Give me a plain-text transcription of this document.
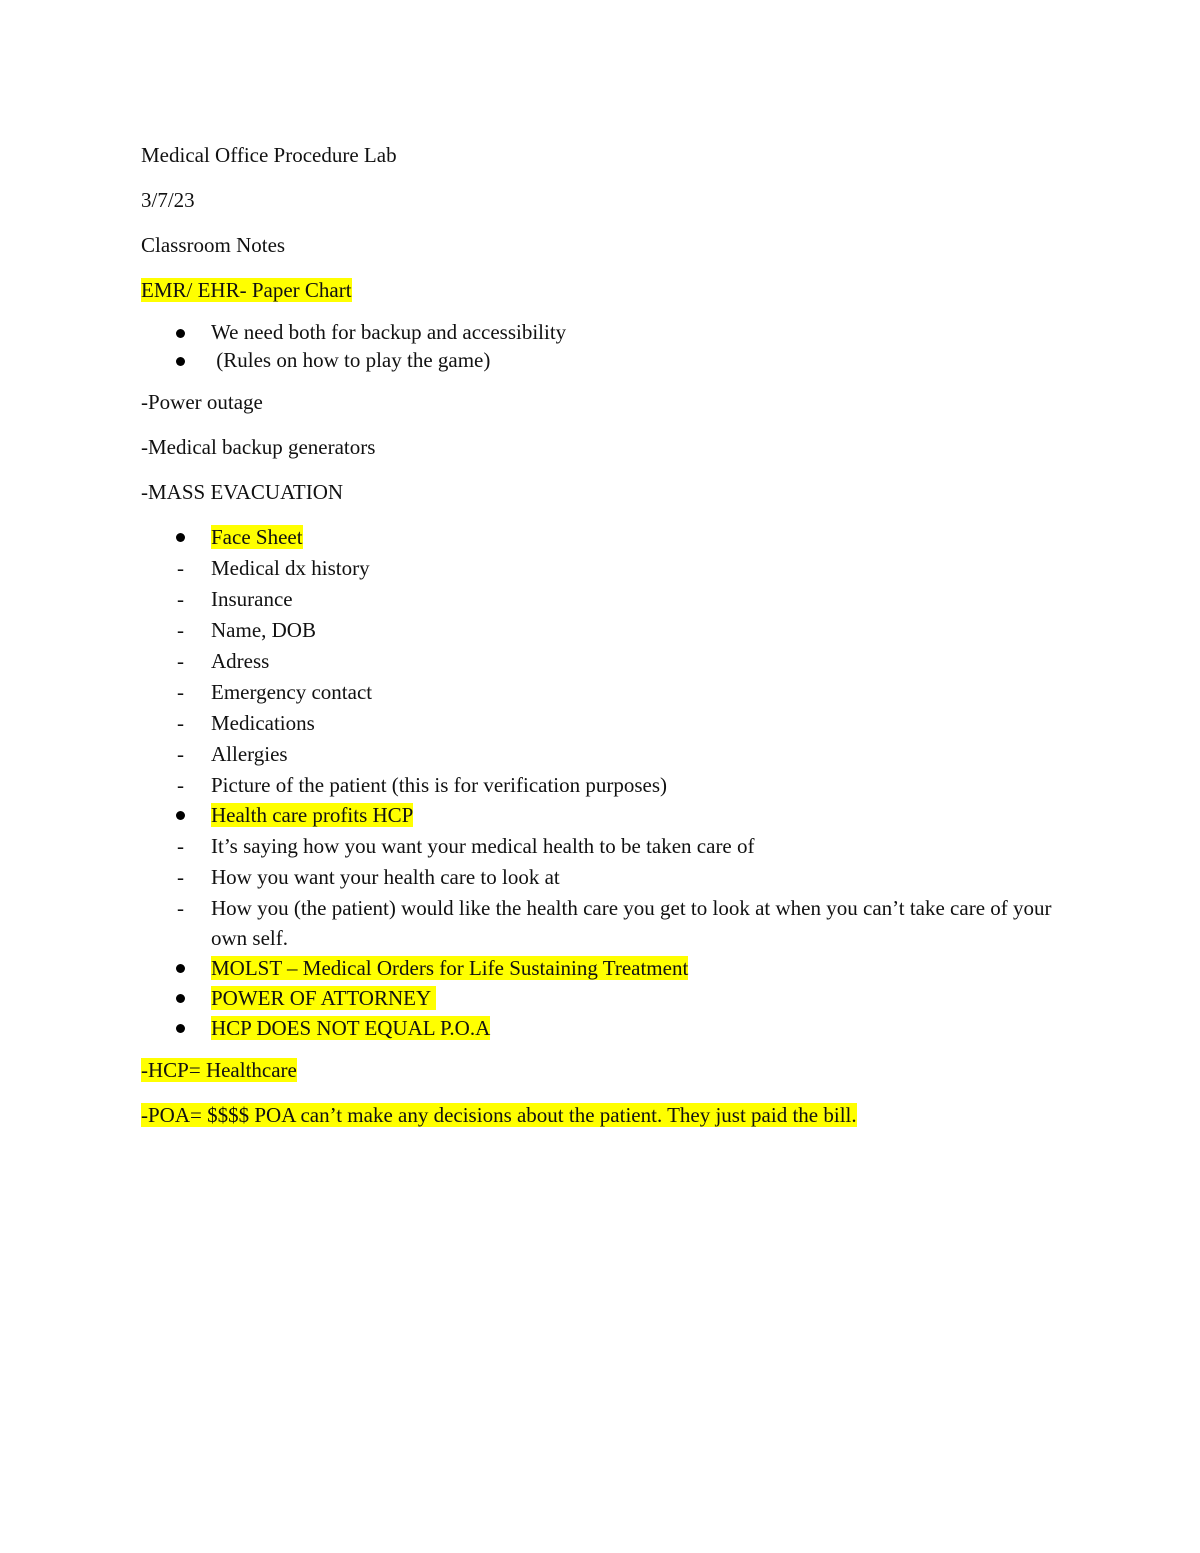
Medical Office Procedure Lab

3/7/23

Classroom Notes

EMR/ EHR- Paper Chart

We need both for backup and accessibility
(Rules on how to play the game)

-Power outage

-Medical backup generators

-MASS EVACUATION

Face Sheet
- Medical dx history
- Insurance
- Name, DOB
- Adress
- Emergency contact
- Medications
- Allergies
- Picture of the patient (this is for verification purposes)
Health care profits HCP
- It’s saying how you want your medical health to be taken care of
- How you want your health care to look at
- How you (the patient) would like the health care you get to look at when you can’t take care of your own self.
MOLST – Medical Orders for Life Sustaining Treatment
POWER OF ATTORNEY
HCP DOES NOT EQUAL P.O.A

-HCP= Healthcare

-POA= $$$$ POA can’t make any decisions about the patient. They just paid the bill.
